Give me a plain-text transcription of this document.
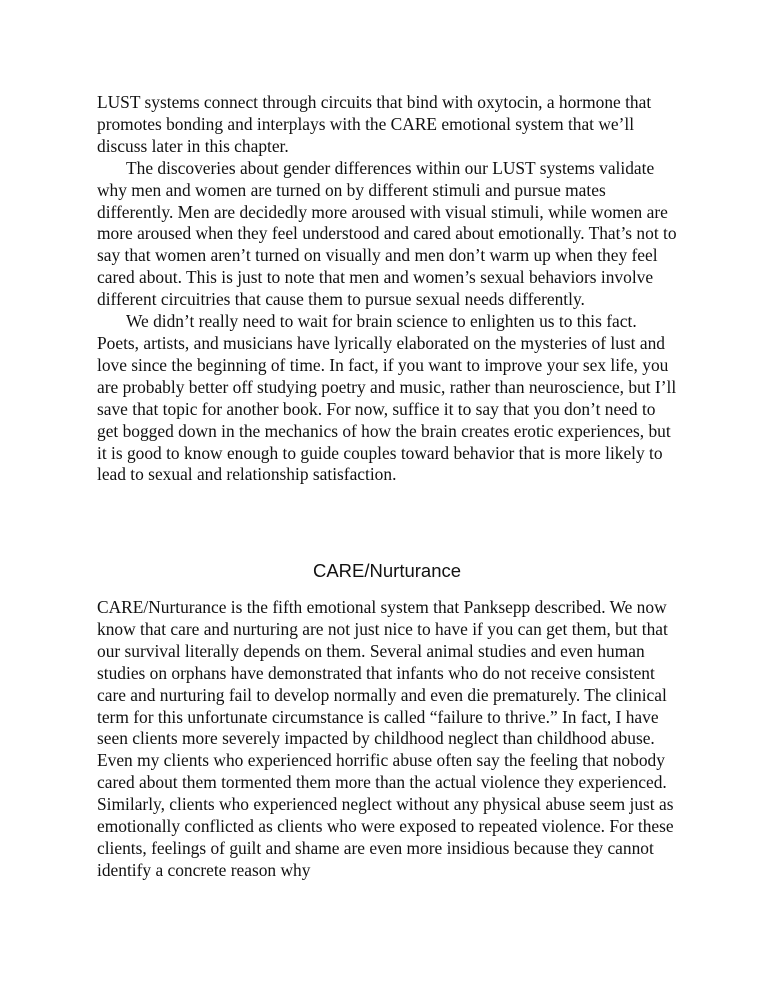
LUST systems connect through circuits that bind with oxytocin, a hormone that promotes bonding and interplays with the CARE emotional system that we’ll discuss later in this chapter.

The discoveries about gender differences within our LUST systems validate why men and women are turned on by different stimuli and pursue mates differently. Men are decidedly more aroused with visual stimuli, while women are more aroused when they feel understood and cared about emotionally. That’s not to say that women aren’t turned on visually and men don’t warm up when they feel cared about. This is just to note that men and women’s sexual behaviors involve different circuitries that cause them to pursue sexual needs differently.

We didn’t really need to wait for brain science to enlighten us to this fact. Poets, artists, and musicians have lyrically elaborated on the mysteries of lust and love since the beginning of time. In fact, if you want to improve your sex life, you are probably better off studying poetry and music, rather than neuroscience, but I’ll save that topic for another book. For now, suffice it to say that you don’t need to get bogged down in the mechanics of how the brain creates erotic experiences, but it is good to know enough to guide couples toward behavior that is more likely to lead to sexual and relationship satisfaction.

CARE/Nurturance

CARE/Nurturance is the fifth emotional system that Panksepp described. We now know that care and nurturing are not just nice to have if you can get them, but that our survival literally depends on them. Several animal studies and even human studies on orphans have demonstrated that infants who do not receive consistent care and nurturing fail to develop normally and even die prematurely. The clinical term for this unfortunate circumstance is called “failure to thrive.” In fact, I have seen clients more severely impacted by childhood neglect than childhood abuse. Even my clients who experienced horrific abuse often say the feeling that nobody cared about them tormented them more than the actual violence they experienced. Similarly, clients who experienced neglect without any physical abuse seem just as emotionally conflicted as clients who were exposed to repeated violence. For these clients, feelings of guilt and shame are even more insidious because they cannot identify a concrete reason why
